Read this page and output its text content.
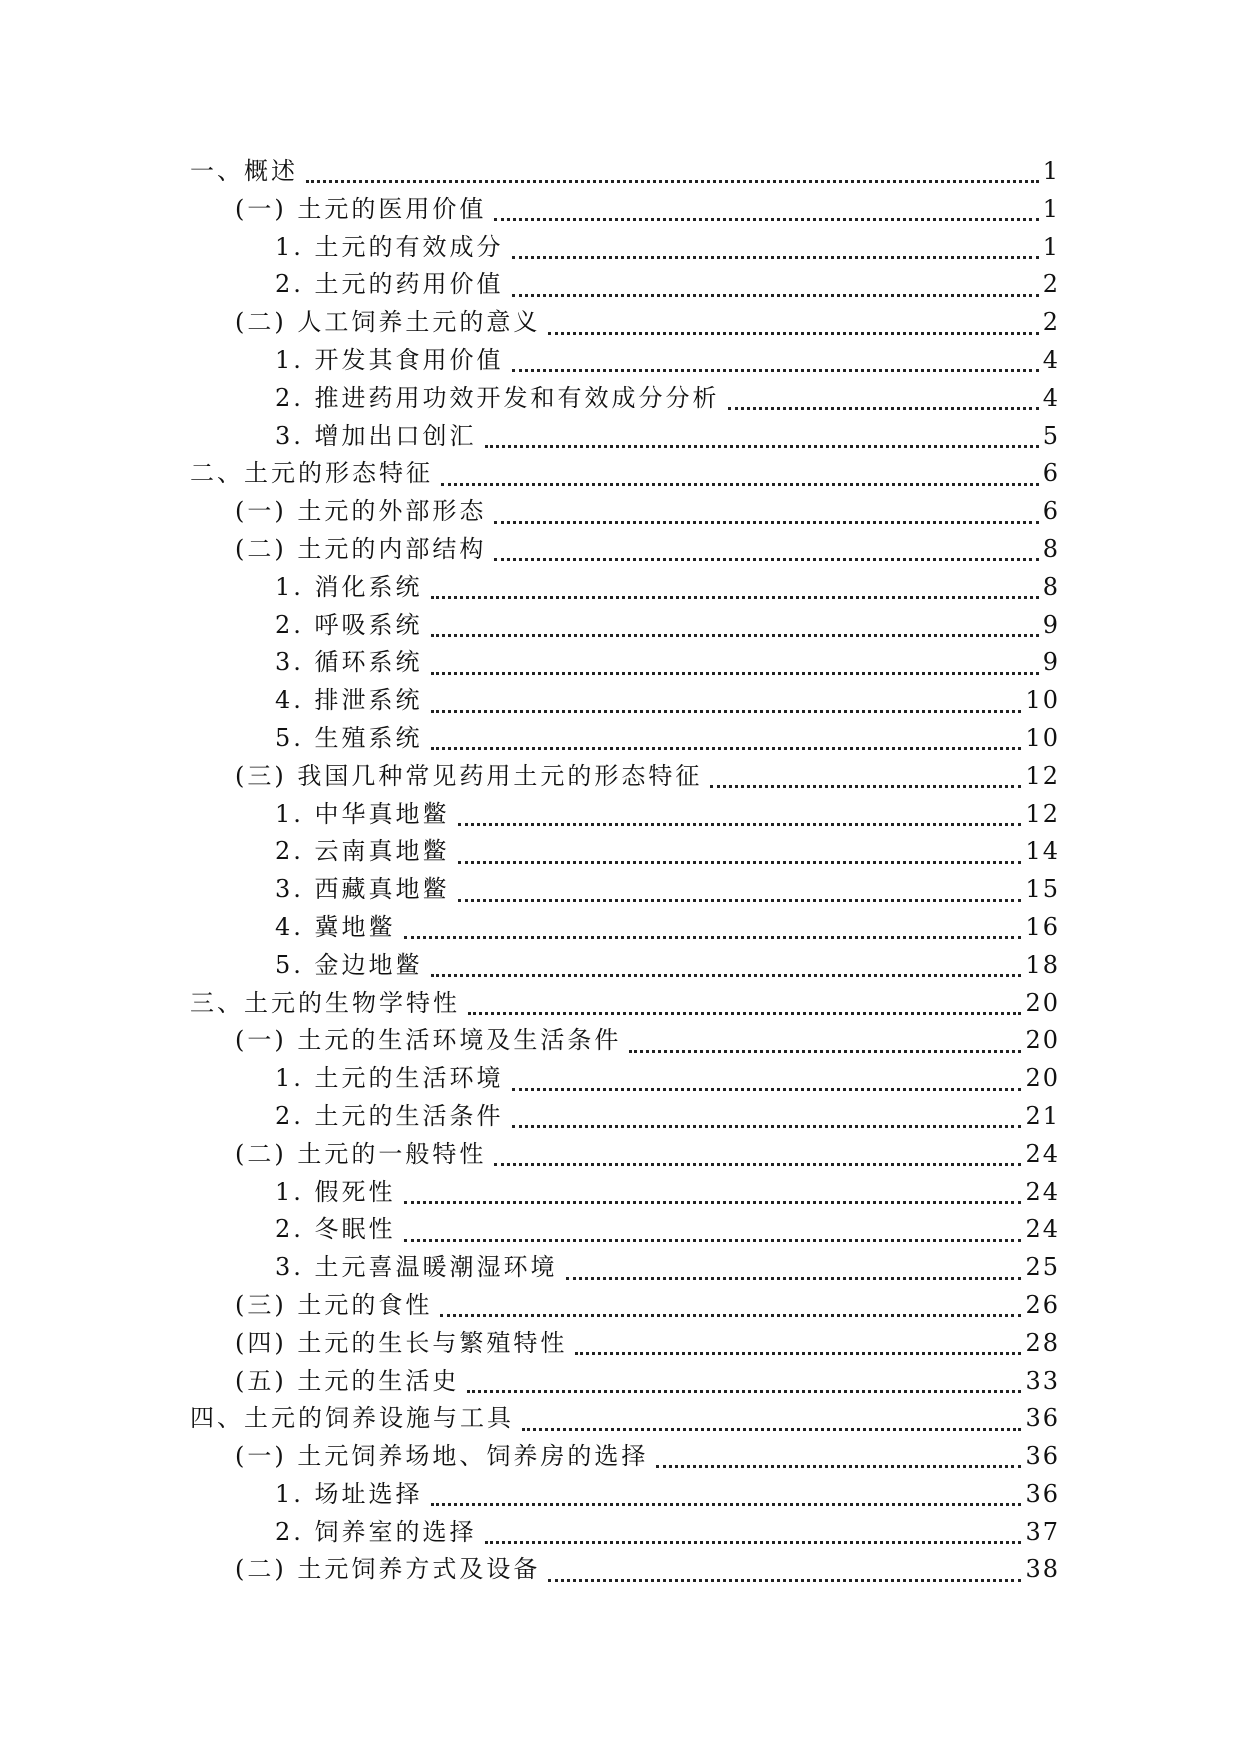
一、概述	1
(一) 土元的医用价值	1
1. 土元的有效成分	1
2. 土元的药用价值	2
(二) 人工饲养土元的意义	2
1. 开发其食用价值	4
2. 推进药用功效开发和有效成分分析	4
3. 增加出口创汇	5
二、土元的形态特征	6
(一) 土元的外部形态	6
(二) 土元的内部结构	8
1. 消化系统	8
2. 呼吸系统	9
3. 循环系统	9
4. 排泄系统	10
5. 生殖系统	10
(三) 我国几种常见药用土元的形态特征	12
1. 中华真地鳖	12
2. 云南真地鳖	14
3. 西藏真地鳖	15
4. 冀地鳖	16
5. 金边地鳖	18
三、土元的生物学特性	20
(一) 土元的生活环境及生活条件	20
1. 土元的生活环境	20
2. 土元的生活条件	21
(二) 土元的一般特性	24
1. 假死性	24
2. 冬眠性	24
3. 土元喜温暖潮湿环境	25
(三) 土元的食性	26
(四) 土元的生长与繁殖特性	28
(五) 土元的生活史	33
四、土元的饲养设施与工具	36
(一) 土元饲养场地、饲养房的选择	36
1. 场址选择	36
2. 饲养室的选择	37
(二) 土元饲养方式及设备	38
